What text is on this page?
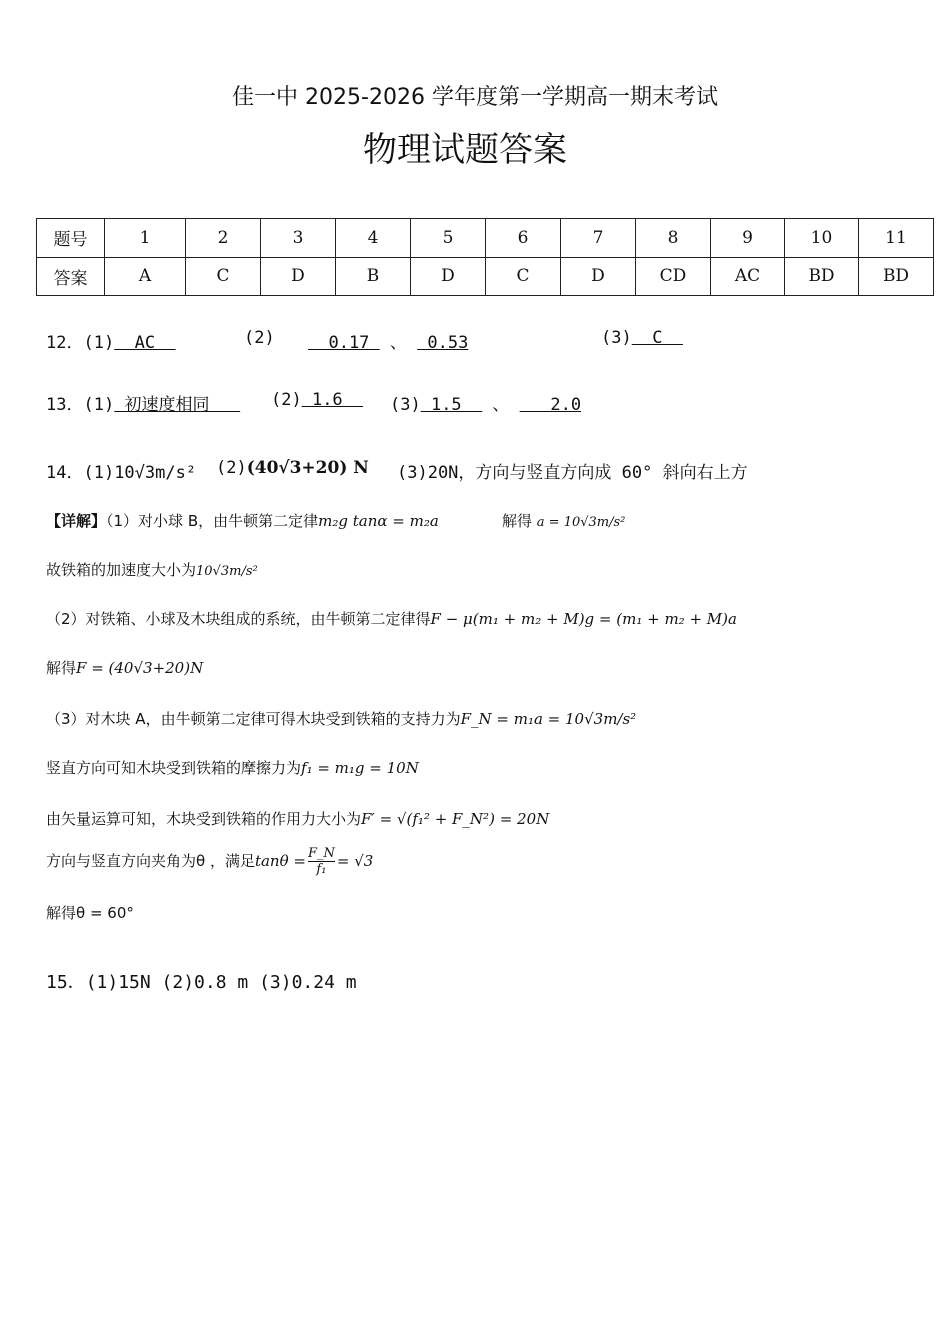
佳一中 2025-2026 学年度第一学期高一期末考试
物理试题答案
题号	1	2	3	4	5	6	7	8	9	10	11
答案	A	C	D	B	D	C	D	CD	AC	BD	BD
12．(1)  AC	(2) 0.17  、  0.53	(3)  C
13．(1) 初速度相同 (2) 1.6 (3) 1.5   、    2.0
14．(1)10√3m/s² (2)(40√3+20) N (3)20N，方向与竖直方向成 60° 斜向右上方
【详解】（1）对小球 B，由牛顿第二定律m₂g tanα = m₂a	解得 a = 10√3m/s²
故铁箱的加速度大小为10√3m/s²
（2）对铁箱、小球及木块组成的系统，由牛顿第二定律得F − μ(m₁ + m₂ + M)g = (m₁ + m₂ + M)a
解得F = (40√3+20)N
（3）对木块 A，由牛顿第二定律可得木块受到铁箱的支持力为F_N = m₁a = 10√3m/s²
竖直方向可知木块受到铁箱的摩擦力为f₁ = m₁g = 10N
由矢量运算可知，木块受到铁箱的作用力大小为F′ = √(f₁² + F_N²) = 20N
方向与竖直方向夹角为θ ，满足$\tan\theta = \frac{F\_N}{\text{f₁}} = √3$
解得θ = 60°
15．(1)15N (2)0.8 m (3)0.24 m
